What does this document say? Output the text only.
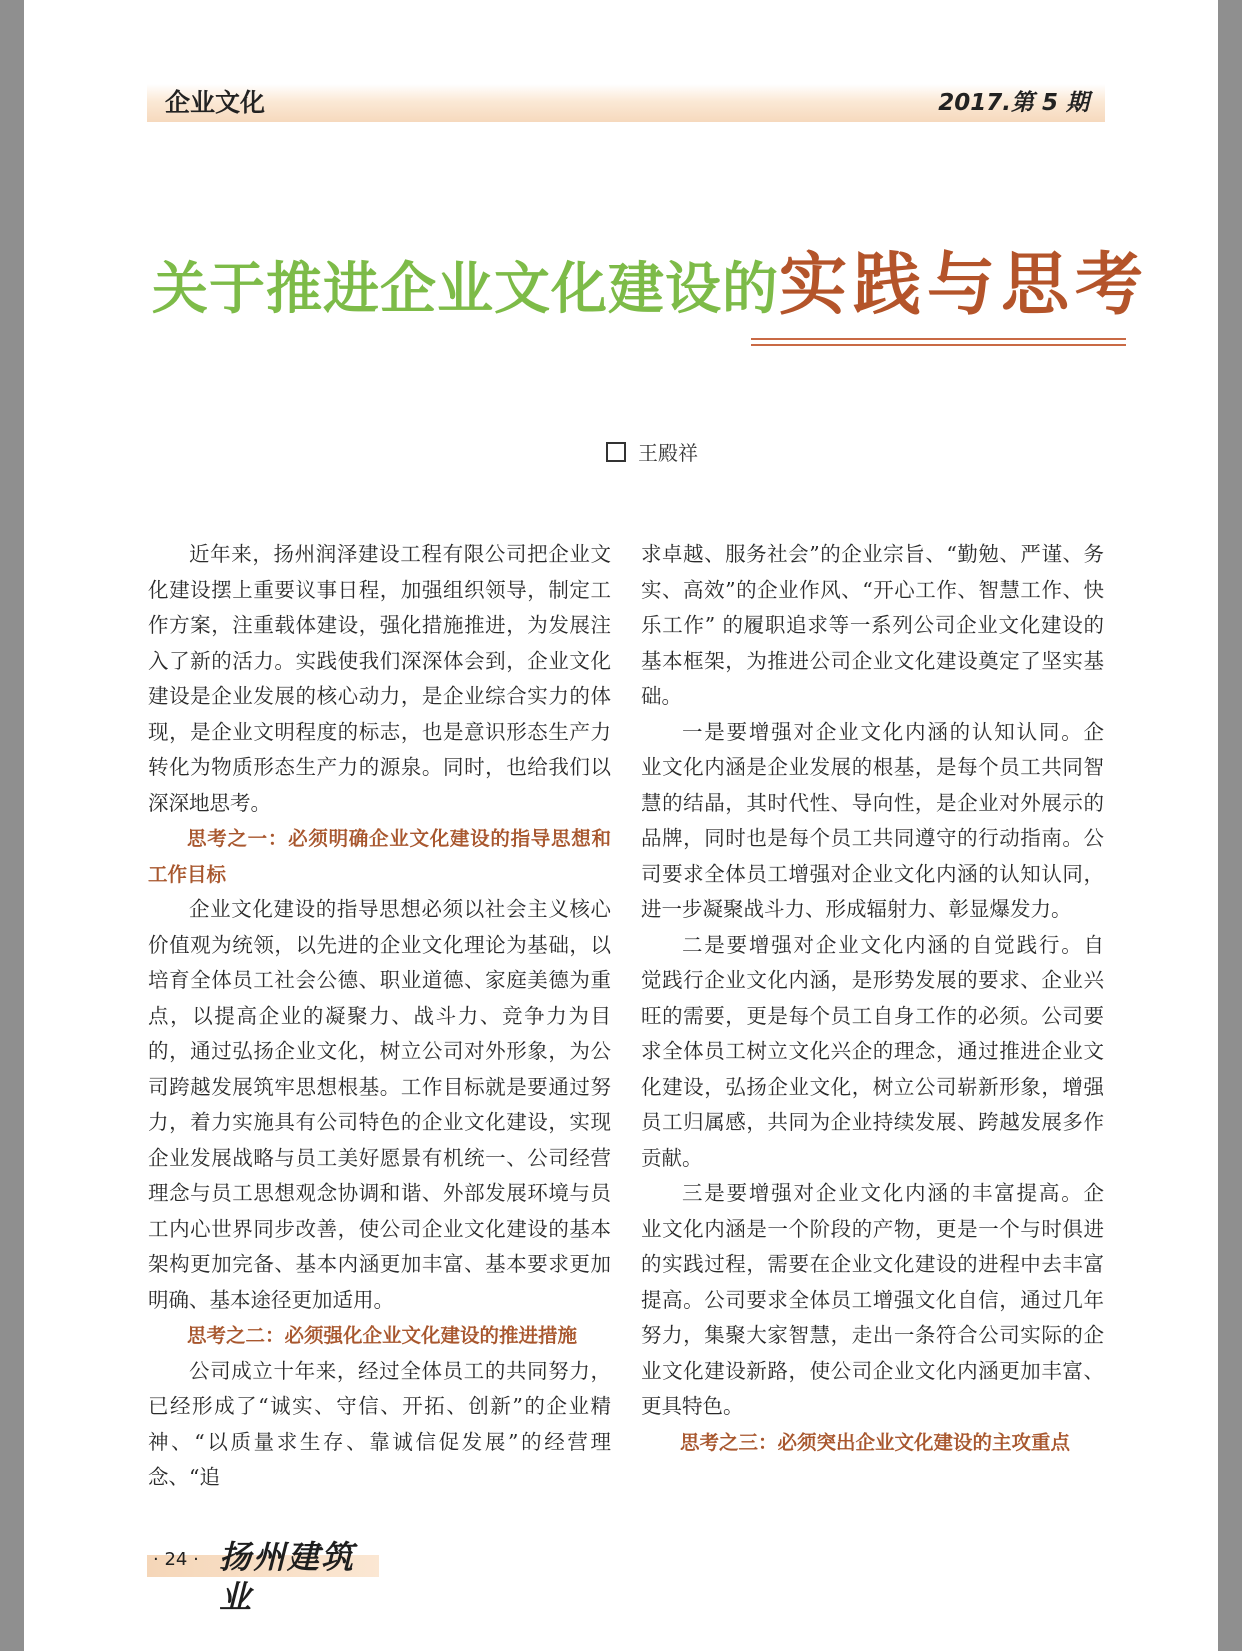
企业文化	2017.第 5 期
关于推进企业文化建设的实践与思考
王殿祥

近年来，扬州润泽建设工程有限公司把企业文化建设摆上重要议事日程，加强组织领导，制定工作方案，注重载体建设，强化措施推进，为发展注入了新的活力。实践使我们深深体会到，企业文化建设是企业发展的核心动力，是企业综合实力的体现，是企业文明程度的标志，也是意识形态生产力转化为物质形态生产力的源泉。同时，也给我们以深深地思考。

思考之一：必须明确企业文化建设的指导思想和工作目标

企业文化建设的指导思想必须以社会主义核心价值观为统领，以先进的企业文化理论为基础，以培育全体员工社会公德、职业道德、家庭美德为重点，以提高企业的凝聚力、战斗力、竞争力为目的，通过弘扬企业文化，树立公司对外形象，为公司跨越发展筑牢思想根基。工作目标就是要通过努力，着力实施具有公司特色的企业文化建设，实现企业发展战略与员工美好愿景有机统一、公司经营理念与员工思想观念协调和谐、外部发展环境与员工内心世界同步改善，使公司企业文化建设的基本架构更加完备、基本内涵更加丰富、基本要求更加明确、基本途径更加适用。

思考之二：必须强化企业文化建设的推进措施

公司成立十年来，经过全体员工的共同努力，已经形成了“诚实、守信、开拓、创新”的企业精神、“以质量求生存、靠诚信促发展”的经营理念、“追

求卓越、服务社会”的企业宗旨、“勤勉、严谨、务实、高效”的企业作风、“开心工作、智慧工作、快乐工作” 的履职追求等一系列公司企业文化建设的基本框架，为推进公司企业文化建设奠定了坚实基础。

一是要增强对企业文化内涵的认知认同。企业文化内涵是企业发展的根基，是每个员工共同智慧的结晶，其时代性、导向性，是企业对外展示的品牌，同时也是每个员工共同遵守的行动指南。公司要求全体员工增强对企业文化内涵的认知认同，进一步凝聚战斗力、形成辐射力、彰显爆发力。

二是要增强对企业文化内涵的自觉践行。自觉践行企业文化内涵，是形势发展的要求、企业兴旺的需要，更是每个员工自身工作的必须。公司要求全体员工树立文化兴企的理念，通过推进企业文化建设，弘扬企业文化，树立公司崭新形象，增强员工归属感，共同为企业持续发展、跨越发展多作贡献。

三是要增强对企业文化内涵的丰富提高。企业文化内涵是一个阶段的产物，更是一个与时俱进的实践过程，需要在企业文化建设的进程中去丰富提高。公司要求全体员工增强文化自信，通过几年努力，集聚大家智慧，走出一条符合公司实际的企业文化建设新路，使公司企业文化内涵更加丰富、更具特色。

思考之三：必须突出企业文化建设的主攻重点
· 24 · 扬州建筑业
